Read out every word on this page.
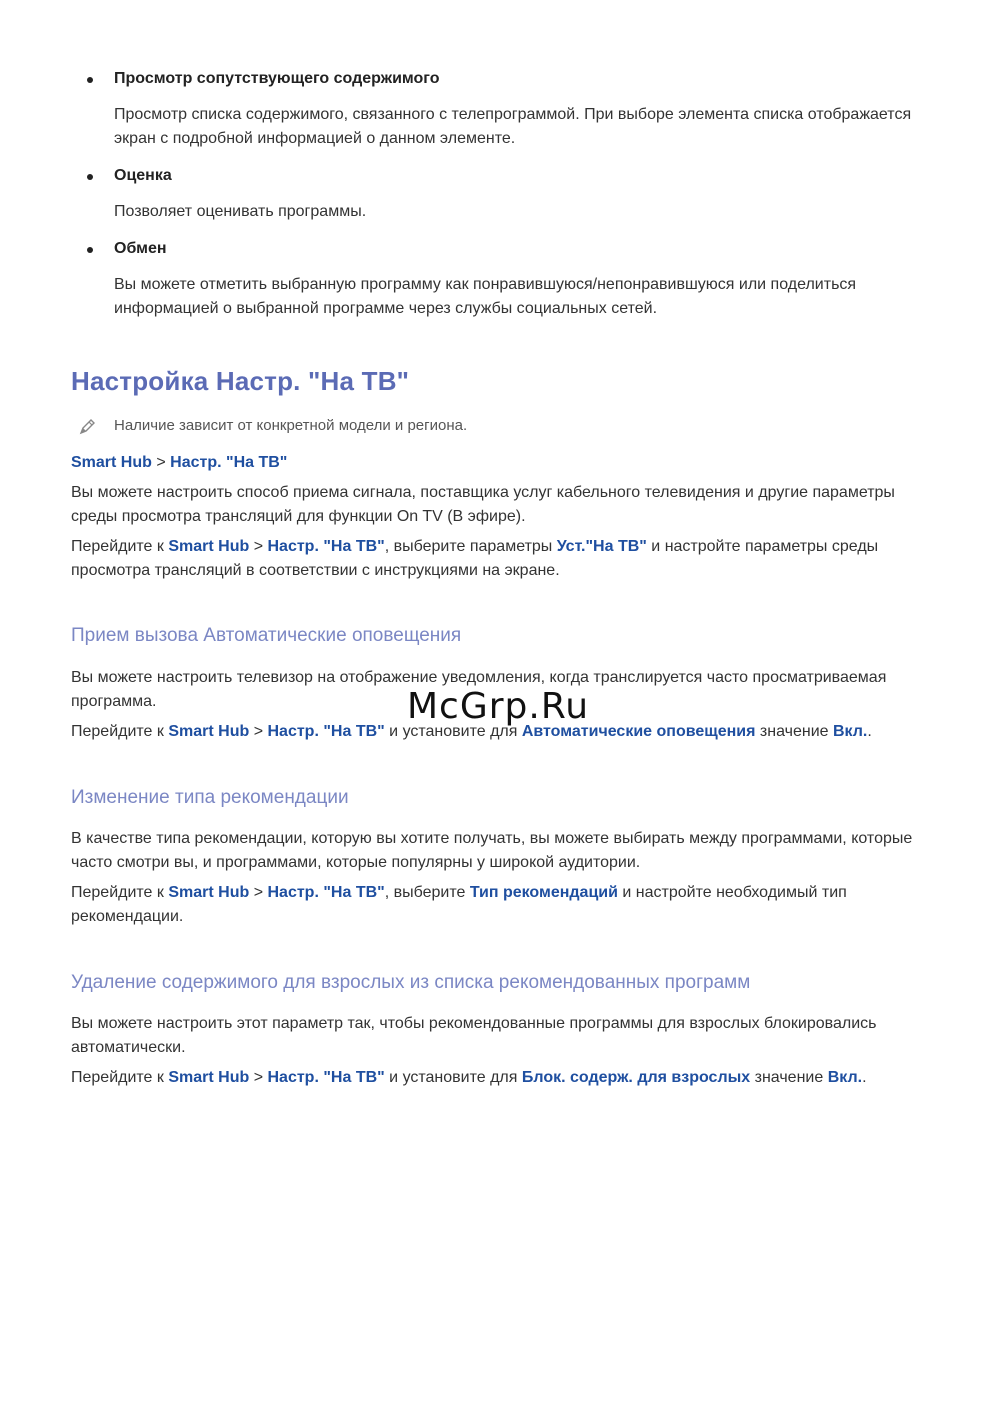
Просмотр сопутствующего содержимого
Просмотр списка содержимого, связанного с телепрограммой. При выборе элемента списка отображается экран с подробной информацией о данном элементе.
Оценка
Позволяет оценивать программы.
Обмен
Вы можете отметить выбранную программу как понравившуюся/непонравившуюся или поделиться информацией о выбранной программе через службы социальных сетей.
Настройка Настр. "На ТВ"
Наличие зависит от конкретной модели и региона.
Smart Hub > Настр. "На ТВ"
Вы можете настроить способ приема сигнала, поставщика услуг кабельного телевидения и другие параметры среды просмотра трансляций для функции On TV (В эфире).
Перейдите к Smart Hub > Настр. "На ТВ", выберите параметры Уст."На ТВ" и настройте параметры среды просмотра трансляций в соответствии с инструкциями на экране.
Прием вызова Автоматические оповещения
Вы можете настроить телевизор на отображение уведомления, когда транслируется часто просматриваемая программа.
Перейдите к Smart Hub > Настр. "На ТВ" и установите для Автоматические оповещения значение Вкл..
Изменение типа рекомендации
В качестве типа рекомендации, которую вы хотите получать, вы можете выбирать между программами, которые часто смотри вы, и программами, которые популярны у широкой аудитории.
Перейдите к Smart Hub > Настр. "На ТВ", выберите Тип рекомендаций и настройте необходимый тип рекомендации.
Удаление содержимого для взрослых из списка рекомендованных программ
Вы можете настроить этот параметр так, чтобы рекомендованные программы для взрослых блокировались автоматически.
Перейдите к Smart Hub > Настр. "На ТВ" и установите для Блок. содерж. для взрослых значение Вкл..
McGrp.Ru
